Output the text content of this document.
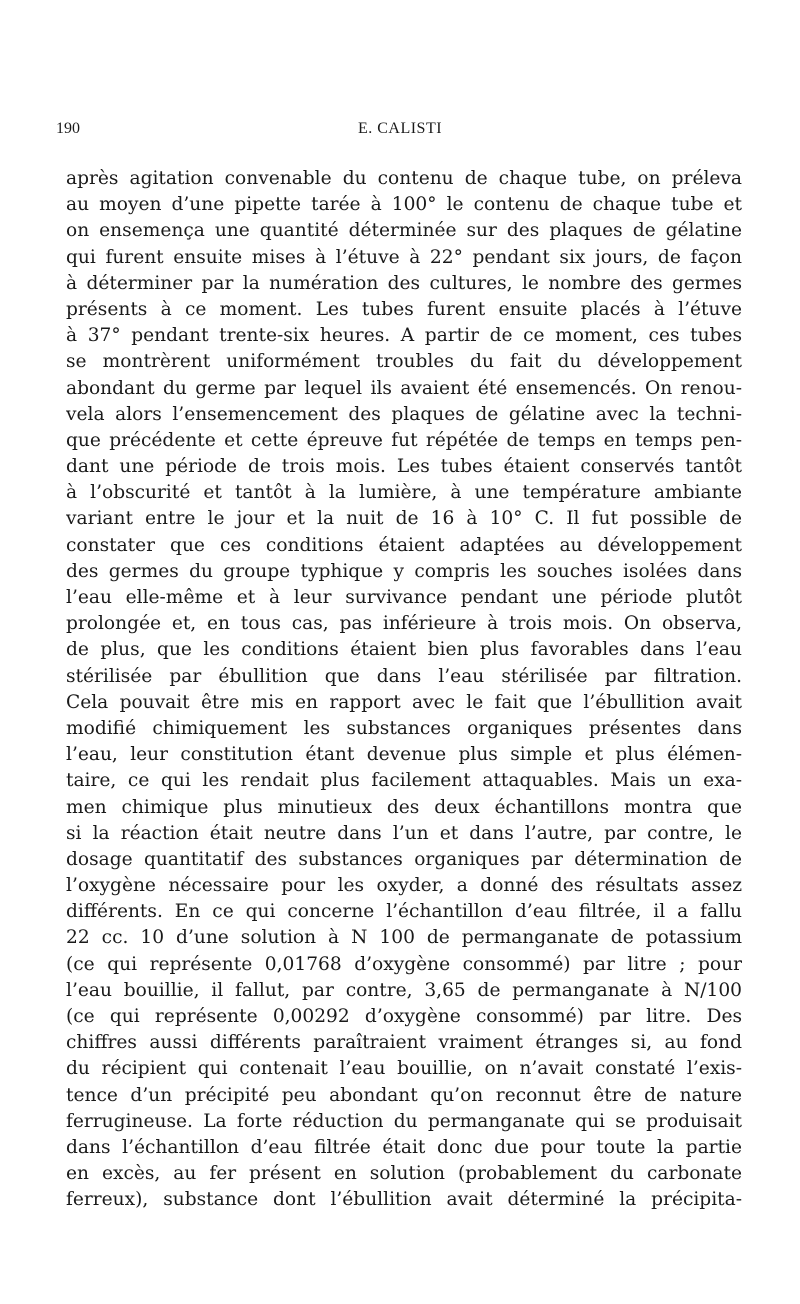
190	E. CALISTI
après agitation convenable du contenu de chaque tube, on préleva
au moyen d’une pipette tarée à 100° le contenu de chaque tube et
on ensemença une quantité déterminée sur des plaques de gélatine
qui furent ensuite mises à l’étuve à 22° pendant six jours, de façon
à déterminer par la numération des cultures, le nombre des germes
présents à ce moment. Les tubes furent ensuite placés à l’étuve
à 37° pendant trente-six heures. A partir de ce moment, ces tubes
se montrèrent uniformément troubles du fait du développement
abondant du germe par lequel ils avaient été ensemencés. On renou-
vela alors l’ensemencement des plaques de gélatine avec la techni-
que précédente et cette épreuve fut répétée de temps en temps pen-
dant une période de trois mois. Les tubes étaient conservés tantôt
à l’obscurité et tantôt à la lumière, à une température ambiante
variant entre le jour et la nuit de 16 à 10° C. Il fut possible de
constater que ces conditions étaient adaptées au développement
des germes du groupe typhique y compris les souches isolées dans
l’eau elle-même et à leur survivance pendant une période plutôt
prolongée et, en tous cas, pas inférieure à trois mois. On observa,
de plus, que les conditions étaient bien plus favorables dans l’eau
stérilisée par ébullition que dans l’eau stérilisée par filtration.
Cela pouvait être mis en rapport avec le fait que l’ébullition avait
modifié chimiquement les substances organiques présentes dans
l’eau, leur constitution étant devenue plus simple et plus élémen-
taire, ce qui les rendait plus facilement attaquables. Mais un exa-
men chimique plus minutieux des deux échantillons montra que
si la réaction était neutre dans l’un et dans l’autre, par contre, le
dosage quantitatif des substances organiques par détermination de
l’oxygène nécessaire pour les oxyder, a donné des résultats assez
différents. En ce qui concerne l’échantillon d’eau filtrée, il a fallu
22 cc. 10 d’une solution à N 100 de permanganate de potassium
(ce qui représente 0,01768 d’oxygène consommé) par litre ; pour
l’eau bouillie, il fallut, par contre, 3,65 de permanganate à N/100
(ce qui représente 0,00292 d’oxygène consommé) par litre. Des
chiffres aussi différents paraîtraient vraiment étranges si, au fond
du récipient qui contenait l’eau bouillie, on n’avait constaté l’exis-
tence d’un précipité peu abondant qu’on reconnut être de nature
ferrugineuse. La forte réduction du permanganate qui se produisait
dans l’échantillon d’eau filtrée était donc due pour toute la partie
en excès, au fer présent en solution (probablement du carbonate
ferreux), substance dont l’ébullition avait déterminé la précipita-
